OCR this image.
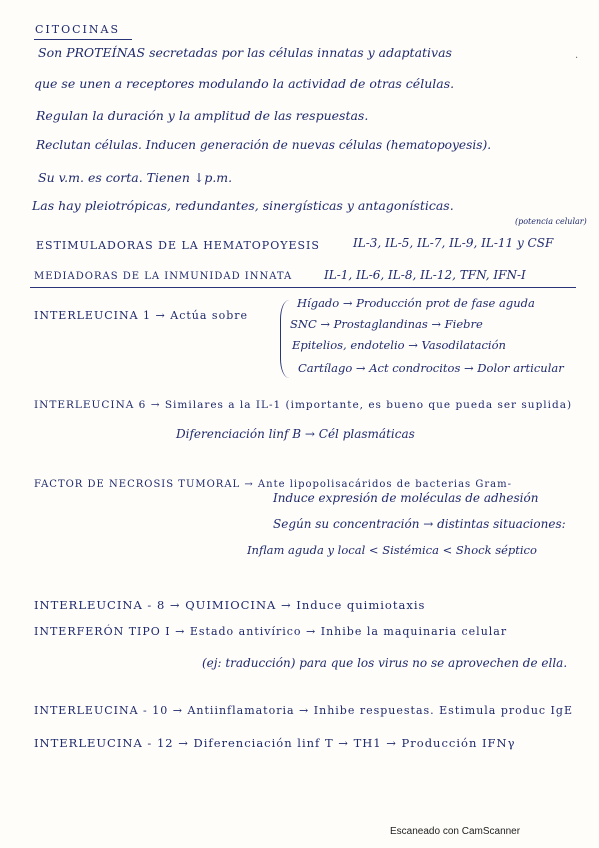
CITOCINAS
Son PROTEÍNAS secretadas por las células innatas y adaptativas
que se unen a receptores modulando la actividad de otras células.
Regulan la duración y la amplitud de las respuestas.
Reclutan células. Inducen generación de nuevas células (hematopoyesis).
Su v.m. es corta. Tienen ↓p.m.
Las hay pleiotrópicas, redundantes, sinergísticas y antagonísticas.
.
(potencia celular)
ESTIMULADORAS DE LA HEMATOPOYESIS	IL-3, IL-5, IL-7, IL-9, IL-11 y CSF
MEDIADORAS DE LA INMUNIDAD INNATA	IL-1, IL-6, IL-8, IL-12, TFN, IFN-I
INTERLEUCINA 1 → Actúa sobre
Hígado → Producción prot de fase aguda
SNC → Prostaglandinas → Fiebre
Epitelios, endotelio → Vasodilatación
Cartílago → Act condrocitos → Dolor articular
INTERLEUCINA 6 → Similares a la IL-1 (importante, es bueno que pueda ser suplida)
Diferenciación linf B → Cél plasmáticas
FACTOR DE NECROSIS TUMORAL → Ante lipopolisacáridos de bacterias Gram-
Induce expresión de moléculas de adhesión
Según su concentración → distintas situaciones:
Inflam aguda y local < Sistémica < Shock séptico
INTERLEUCINA - 8 → QUIMIOCINA → Induce quimiotaxis
INTERFERÓN TIPO I → Estado antivírico → Inhibe la maquinaria celular
(ej: traducción) para que los virus no se aprovechen de ella.
INTERLEUCINA - 10 → Antiinflamatoria → Inhibe respuestas. Estimula produc IgE
INTERLEUCINA - 12 → Diferenciación linf T → TH1 → Producción IFNγ
Escaneado con CamScanner
